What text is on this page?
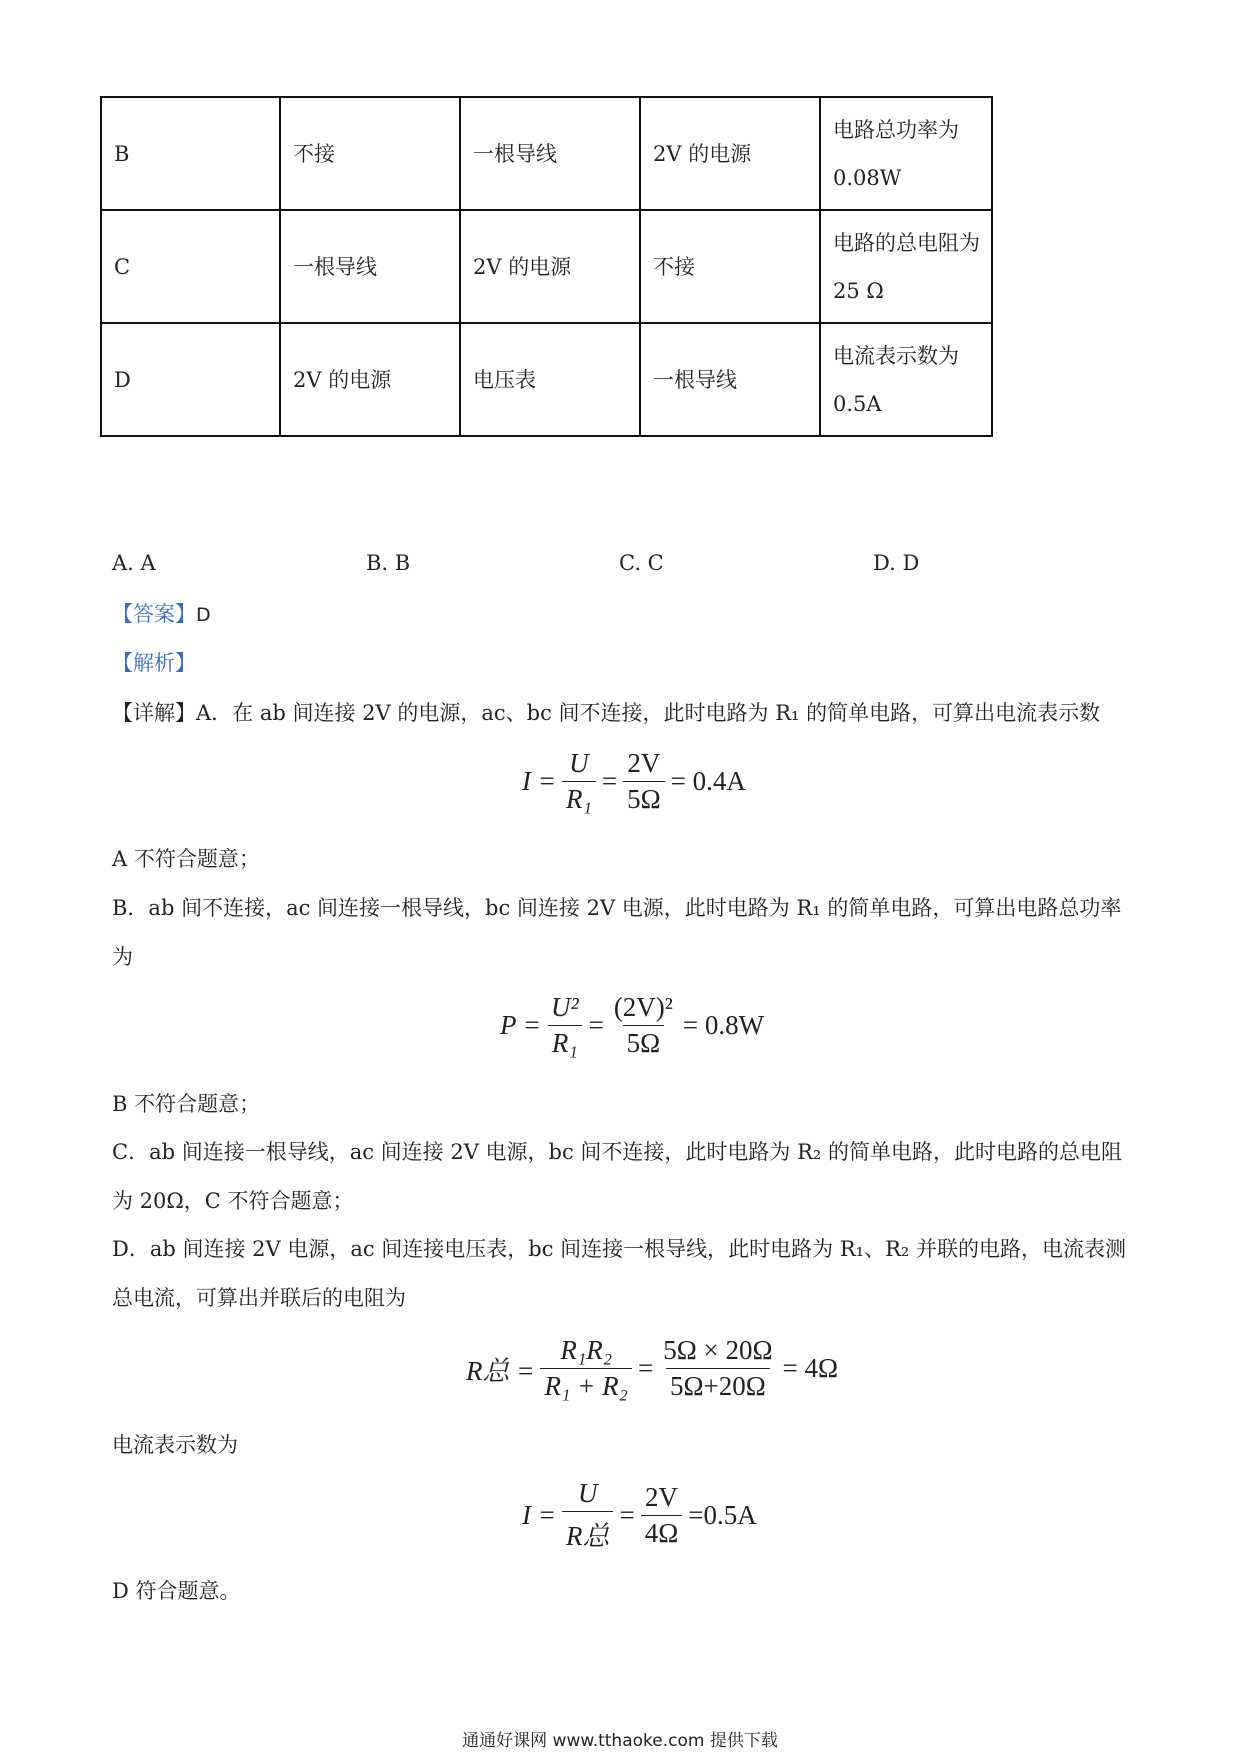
B	不接	一根导线	2V 的电源	电路总功率为
0.08W

C	一根导线	2V 的电源	不接	电路的总电阻为
25 Ω

D	2V 的电源	电压表	一根导线	电流表示数为
0.5A
A. A	B. B	C. C	D. D
【答案】D
【解析】
【详解】A．在 ab 间连接 2V 的电源，ac、bc 间不连接，此时电路为 R₁ 的简单电路，可算出电流表示数
$I = \frac{U}{\text{R₁}} = \frac{2V}{5\Omega} = 0.4A$
A 不符合题意；
B．ab 间不连接，ac 间连接一根导线，bc 间连接 2V 电源，此时电路为 R₁ 的简单电路，可算出电路总功率
为
$P = \frac{\text{U²}}{\text{R₁}} = \frac{\text{(2V)²}}{5\Omega} = 0.8W$
B 不符合题意；
C．ab 间连接一根导线，ac 间连接 2V 电源，bc 间不连接，此时电路为 R₂ 的简单电路，此时电路的总电阻
为 20Ω，C 不符合题意；
D．ab 间连接 2V 电源，ac 间连接电压表，bc 间连接一根导线，此时电路为 R₁、R₂ 并联的电路，电流表测
总电流，可算出并联后的电阻为
R总 = $\frac{\text{R₁R₂}}{\text{R₁ + R₂}} = \frac{5\Omega \times 20\Omega}{5\Omega+20\Omega} = 4\Omega$
电流表示数为
$I = \frac{U}{\text{R总}} = \frac{2V}{4\Omega} =0.5A$
D 符合题意。
通通好课网 www.tthaoke.com 提供下载
